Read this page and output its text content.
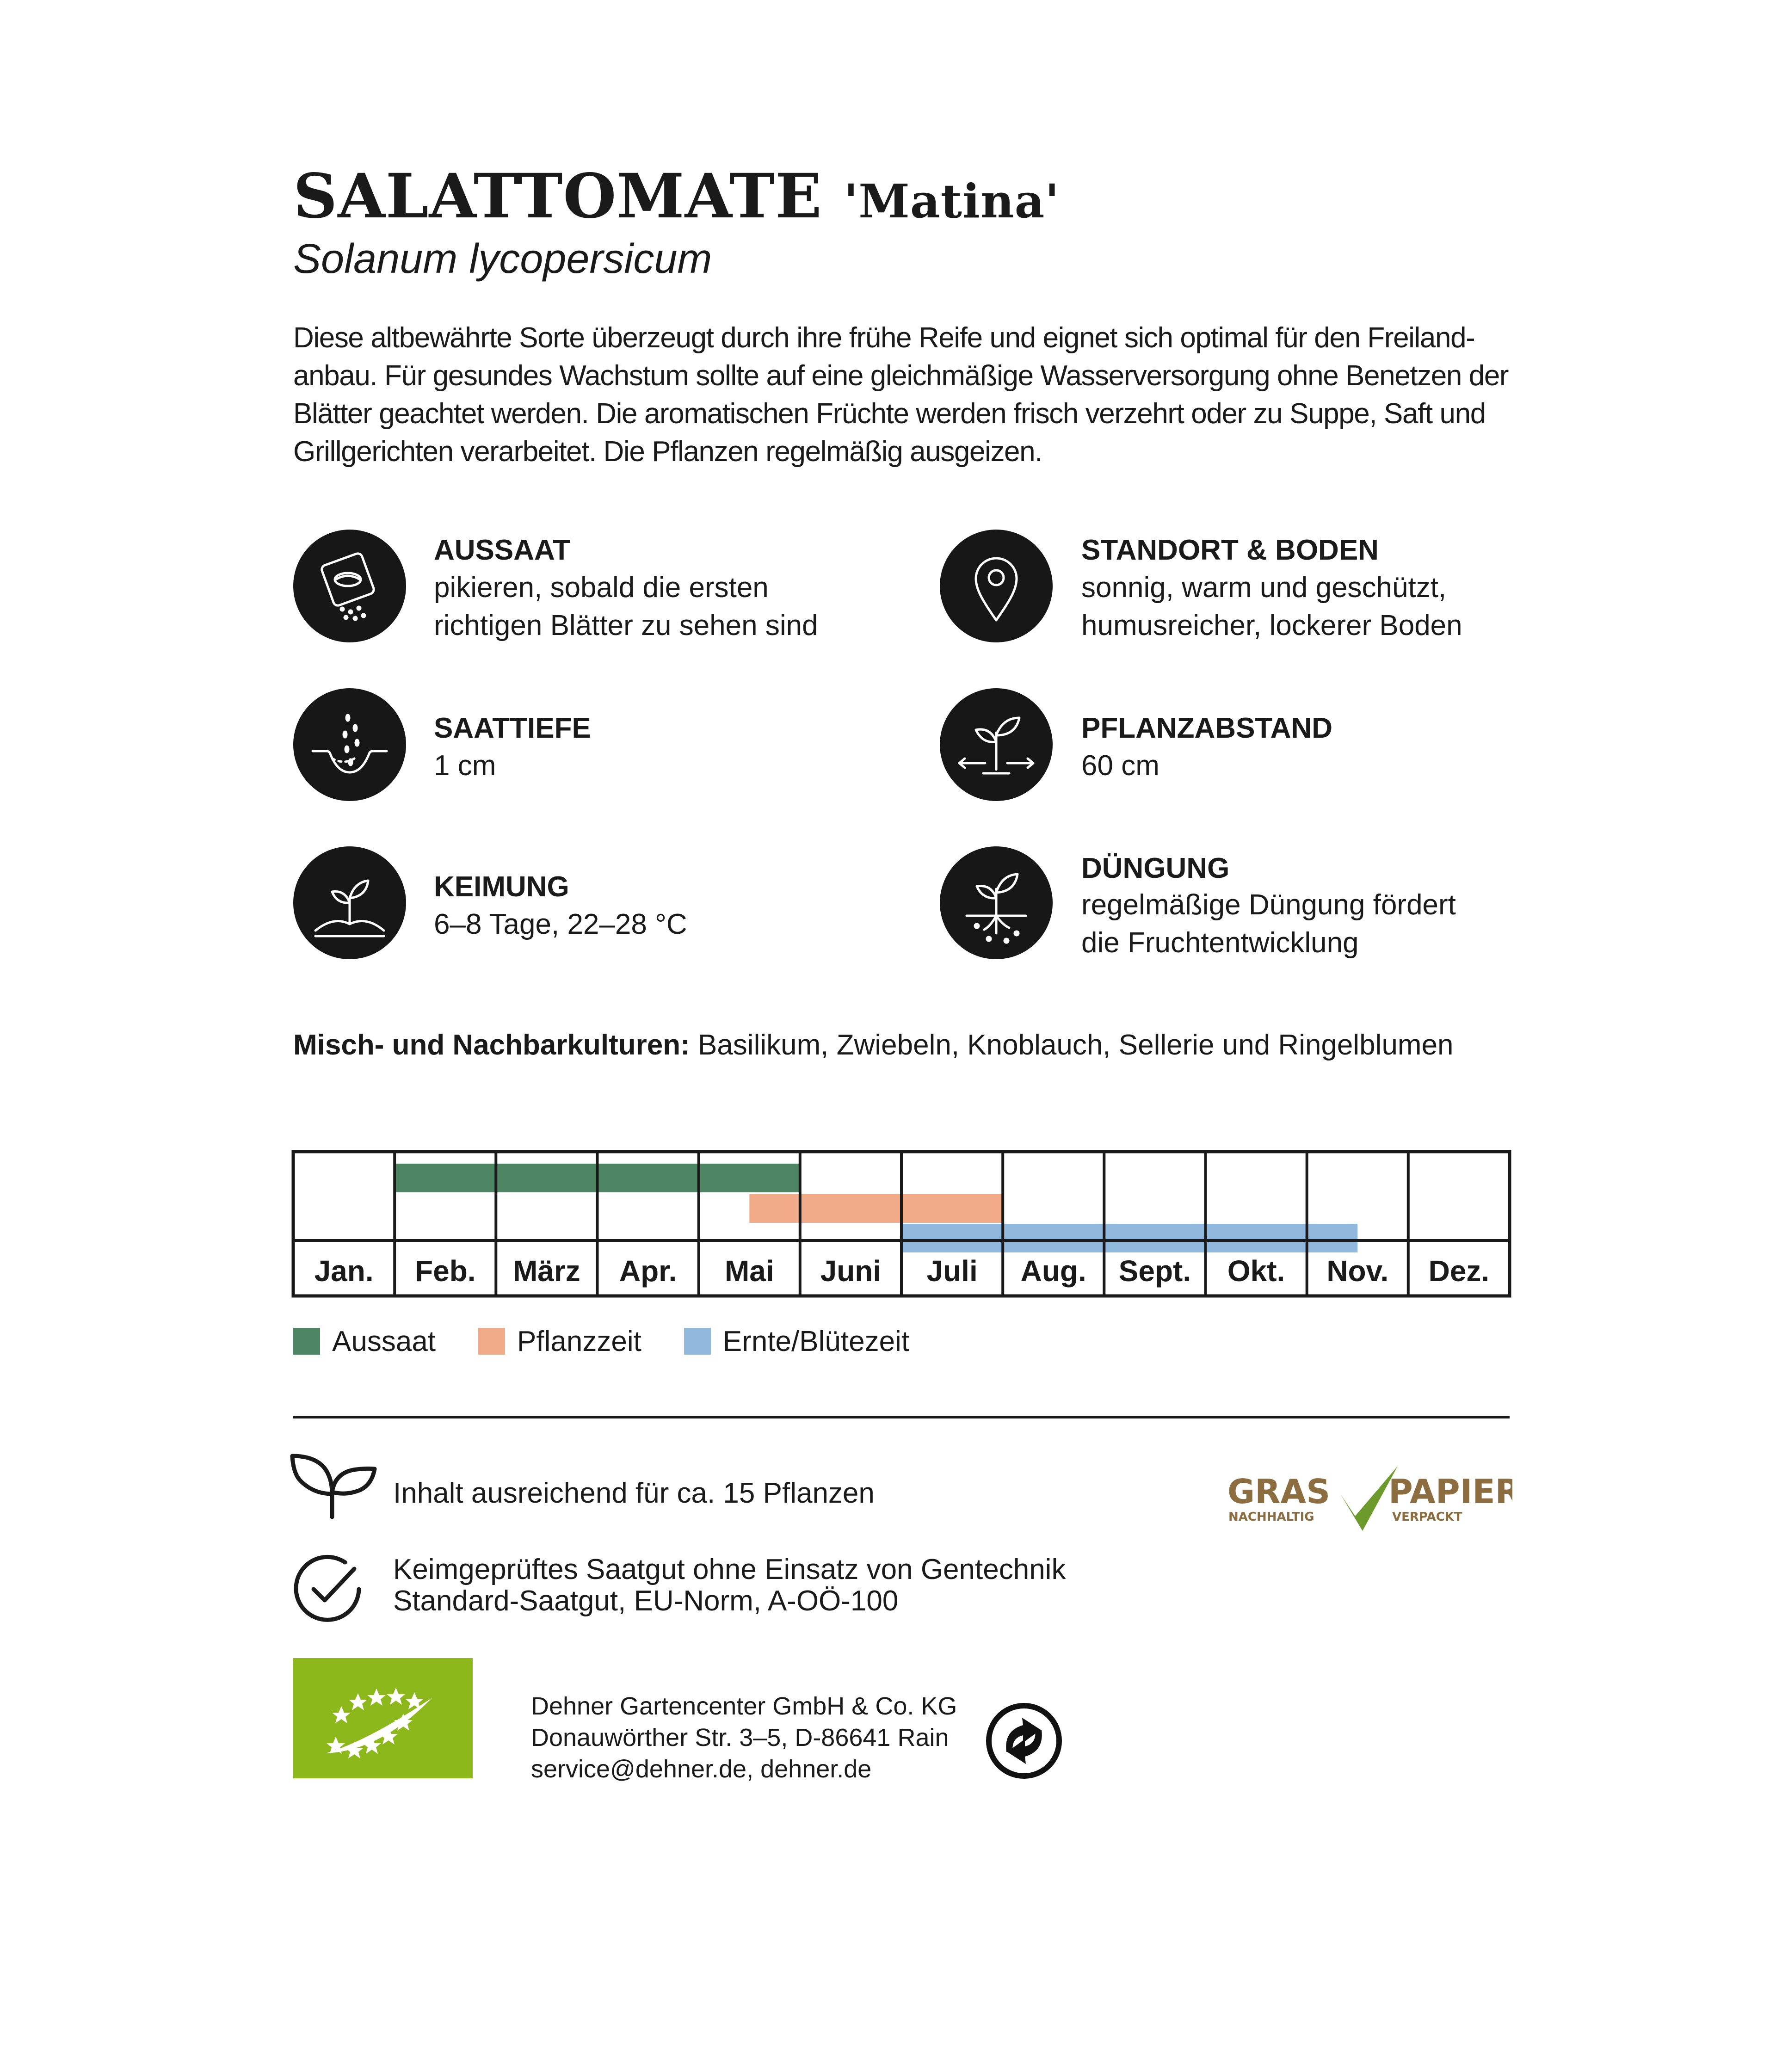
SALATTOMATE 'Matina'
Solanum lycopersicum
Diese altbewährte Sorte überzeugt durch ihre frühe Reife und eignet sich optimal für den Freiland-anbau. Für gesundes Wachstum sollte auf eine gleichmäßige Wasserversorgung ohne Benetzen der Blätter geachtet werden. Die aromatischen Früchte werden frisch verzehrt oder zu Suppe, Saft und Grillgerichten verarbeitet. Die Pflanzen regelmäßig ausgeizen.
AUSSAAT
pikieren, sobald die ersten
richtigen Blätter zu sehen sind
STANDORT & BODEN
sonnig, warm und geschützt,
humusreicher, lockerer Boden
SAATTIEFE
1 cm
PFLANZABSTAND
60 cm
KEIMUNG
6–8 Tage, 22–28 °C
DÜNGUNG
regelmäßige Düngung fördert
die Fruchtentwicklung
Misch- und Nachbarkulturen: Basilikum, Zwiebeln, Knoblauch, Sellerie und Ringelblumen
Jan. Feb. März Apr. Mai Juni Juli Aug. Sept. Okt. Nov. Dez.
Aussaat	Pflanzzeit	Ernte/Blütezeit
Inhalt ausreichend für ca. 15 Pflanzen	GRAS
NACHHALTIG
PAPIER
VERPACKT
Keimgeprüftes Saatgut ohne Einsatz von Gentechnik
Standard-Saatgut, EU-Norm, A-OÖ-100
Dehner Gartencenter GmbH & Co. KG
Donauwörther Str. 3–5, D-86641 Rain
service@dehner.de, dehner.de
